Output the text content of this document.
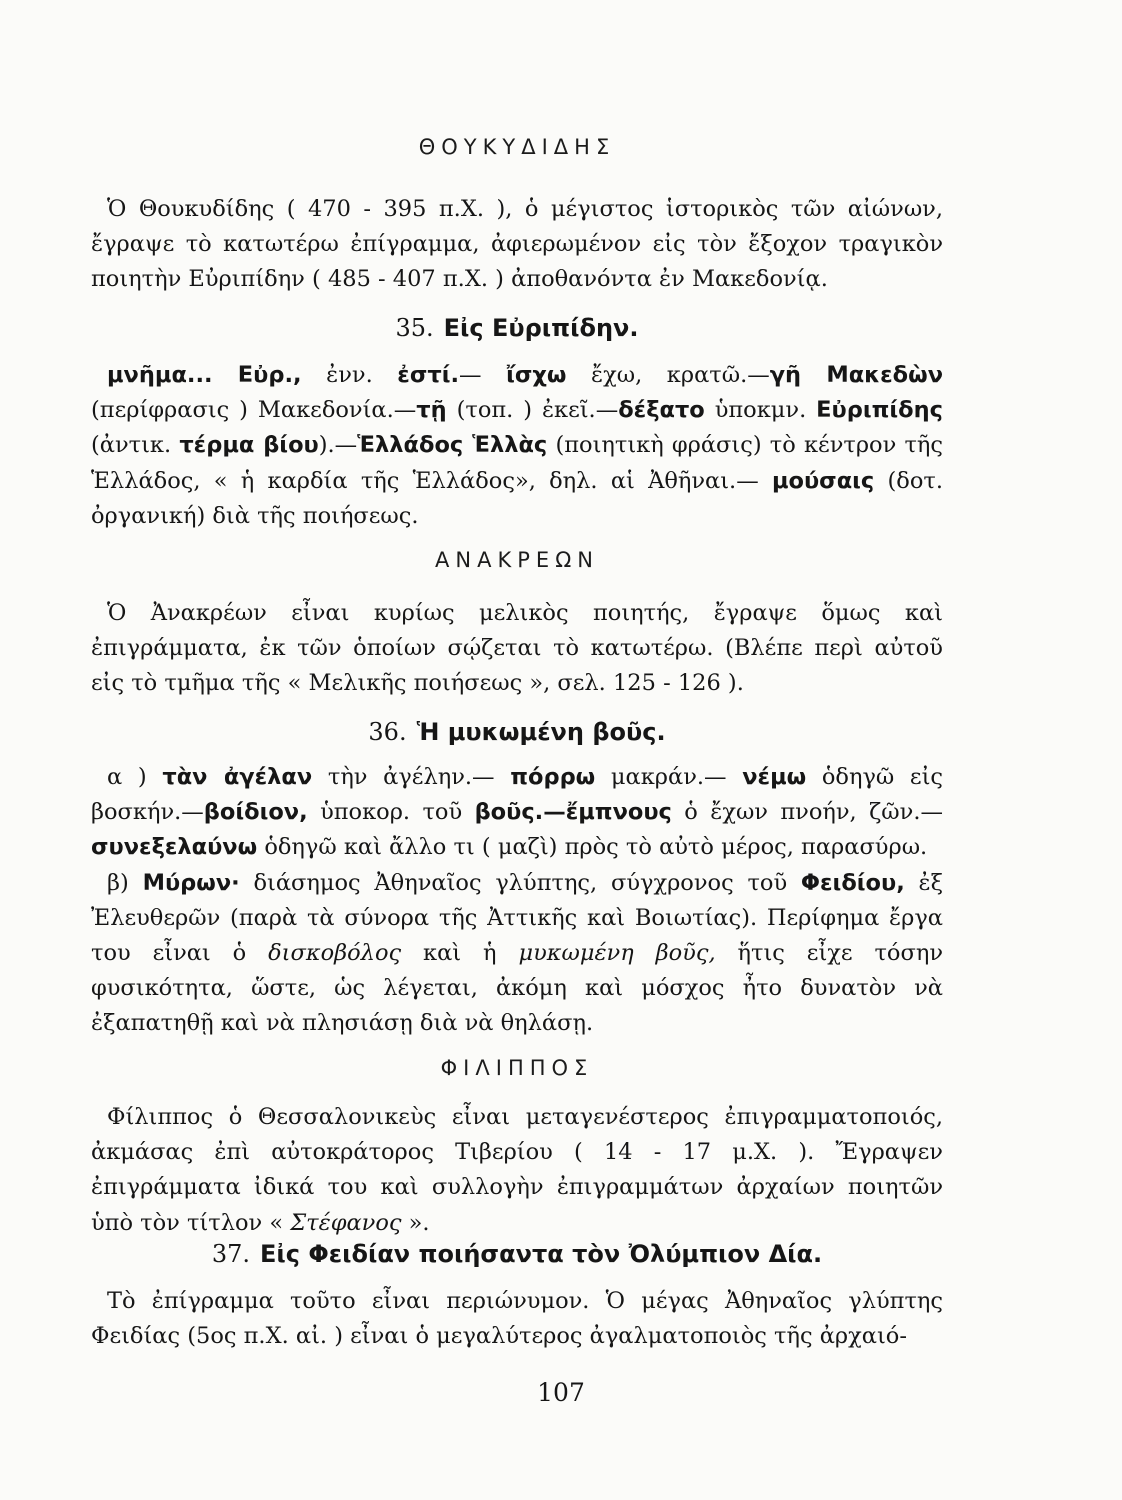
ΘΟΥΚΥΔΙΔΗΣ

Ὁ Θουκυδίδης ( 470 - 395 π.Χ. ), ὁ μέγιστος ἱστορικὸς τῶν αἰώνων, ἔγραψε τὸ κατωτέρω ἐπίγραμμα, ἀφιερωμένον εἰς τὸν ἔξοχον τραγικὸν ποιητὴν Εὐριπίδην ( 485 - 407 π.Χ. ) ἀποθανόντα ἐν Μακεδονίᾳ.

35. Εἰς Εὐριπίδην.

μνῆμα... Εὐρ., ἐνν. ἐστί.— ἴσχω ἔχω, κρατῶ.—γῆ Μακεδὼν (περίφρασις ) Μακεδονία.—τῇ (τοπ. ) ἐκεῖ.—δέξατο ὑποκμν. Εὐριπίδης (ἀντικ. τέρμα βίου).—Ἑλλάδος Ἑλλὰς (ποιητικὴ φράσις) τὸ κέντρον τῆς Ἑλλάδος, « ἡ καρδία τῆς Ἑλλάδος», δηλ. αἱ Ἀθῆναι.— μούσαις (δοτ. ὀργανική) διὰ τῆς ποιήσεως.

ΑΝΑΚΡΕΩΝ

Ὁ Ἀνακρέων εἶναι κυρίως μελικὸς ποιητής, ἔγραψε ὅμως καὶ ἐπιγράμματα, ἐκ τῶν ὁποίων σῴζεται τὸ κατωτέρω. (Βλέπε περὶ αὐτοῦ εἰς τὸ τμῆμα τῆς « Μελικῆς ποιήσεως », σελ. 125 - 126 ).

36. Ἡ μυκωμένη βοῦς.

α ) τὰν ἀγέλαν τὴν ἀγέλην.— πόρρω μακράν.— νέμω ὁδηγῶ εἰς βοσκήν.—βοίδιον, ὑποκορ. τοῦ βοῦς.—ἔμπνους ὁ ἔχων πνοήν, ζῶν.— συνεξελαύνω ὁδηγῶ καὶ ἄλλο τι ( μαζὶ) πρὸς τὸ αὐτὸ μέρος, παρασύρω.

β) Μύρων· διάσημος Ἀθηναῖος γλύπτης, σύγχρονος τοῦ Φειδίου, ἐξ Ἐλευθερῶν (παρὰ τὰ σύνορα τῆς Ἀττικῆς καὶ Βοιωτίας). Περίφημα ἔργα του εἶναι ὁ δισκοβόλος καὶ ἡ μυκωμένη βοῦς, ἥτις εἶχε τόσην φυσικότητα, ὥστε, ὡς λέγεται, ἀκόμη καὶ μόσχος ἦτο δυνατὸν νὰ ἐξαπατηθῇ καὶ νὰ πλησιάσῃ διὰ νὰ θηλάσῃ.

ΦΙΛΙΠΠΟΣ

Φίλιππος ὁ Θεσσαλονικεὺς εἶναι μεταγενέστερος ἐπιγραμματοποιός, ἀκμάσας ἐπὶ αὐτοκράτορος Τιβερίου ( 14 - 17 μ.Χ. ). Ἔγραψεν ἐπιγράμματα ἰδικά του καὶ συλλογὴν ἐπιγραμμάτων ἀρχαίων ποιητῶν ὑπὸ τὸν τίτλον « Στέφανος ».

37. Εἰς Φειδίαν ποιήσαντα τὸν Ὀλύμπιον Δία.

Τὸ ἐπίγραμμα τοῦτο εἶναι περιώνυμον. Ὁ μέγας Ἀθηναῖος γλύπτης Φειδίας (5ος π.Χ. αἰ. ) εἶναι ὁ μεγαλύτερος ἀγαλματοποιὸς τῆς ἀρχαιό-

107
